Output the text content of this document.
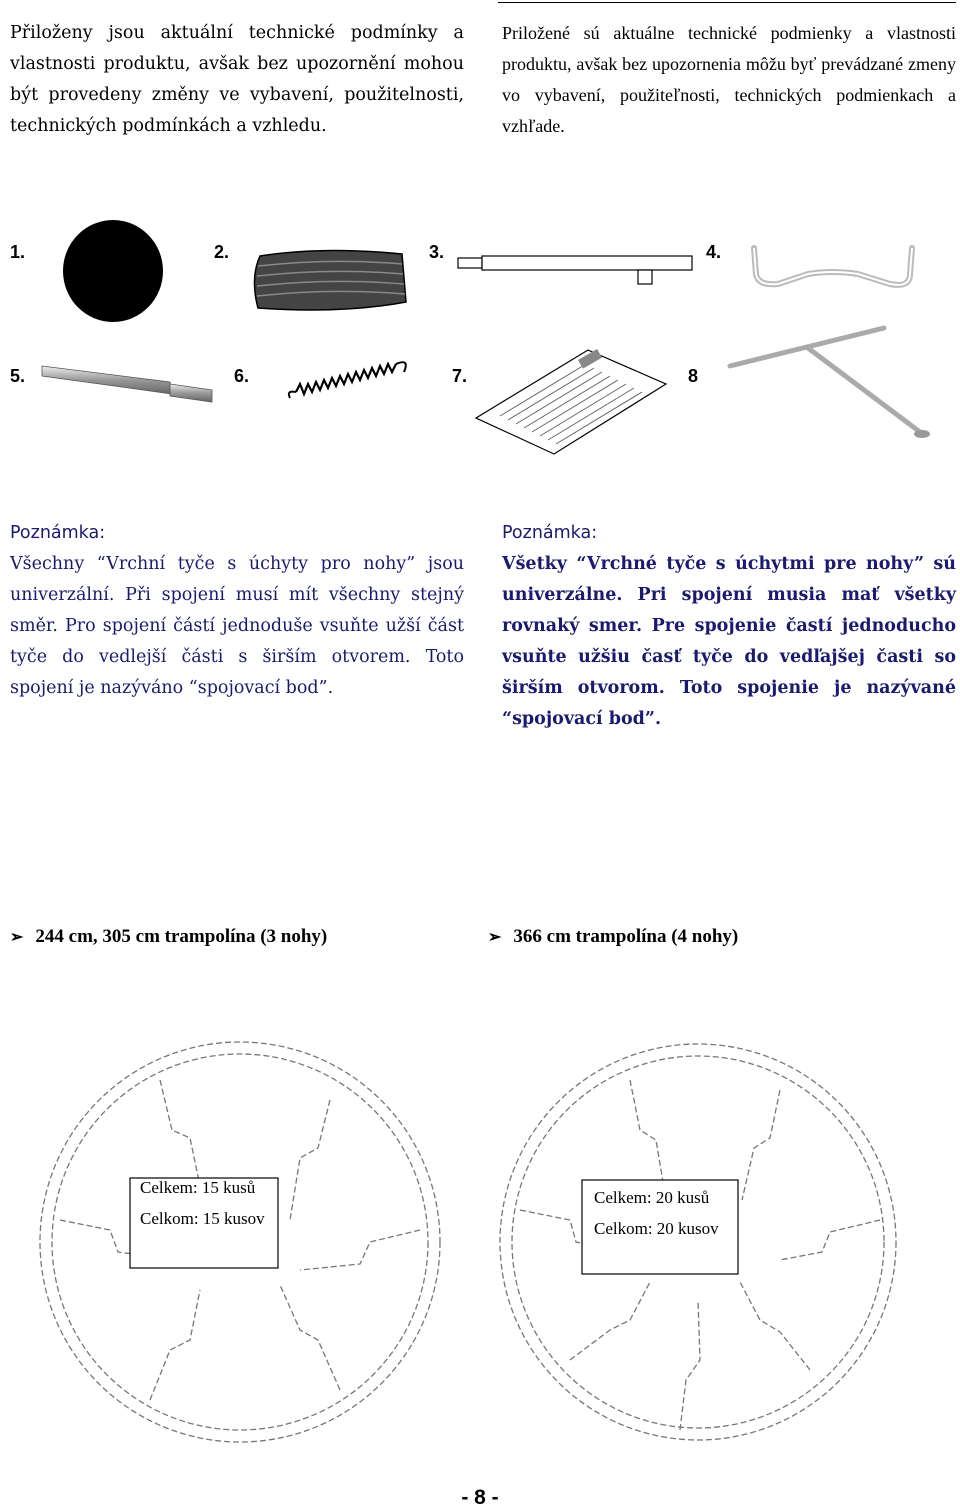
Přiloženy jsou aktuální technické podmínky a vlastnosti produktu, avšak bez upozornění mohou být provedeny změny ve vybavení, použitelnosti, technických podmínkách a vzhledu.
Priložené sú aktuálne technické podmienky a vlastnosti produktu, avšak bez upozornenia môžu byť prevádzané zmeny vo vybavení, použiteľnosti, technických podmienkach a vzhľade.
1.	2.	3.	4.
5.	6.	7.	8
Poznámka:
Všechny “Vrchní tyče s úchyty pro nohy” jsou univerzální. Při spojení musí mít všechny stejný směr. Pro spojení částí jednoduše vsuňte užší část tyče do vedlejší části s širším otvorem. Toto spojení je nazýváno “spojovací bod”.
Poznámka:
Všetky “Vrchné tyče s úchytmi pre nohy” sú univerzálne. Pri spojení musia mať všetky rovnaký smer. Pre spojenie častí jednoducho vsuňte užšiu časť tyče do vedľajšej časti so širším otvorom. Toto spojenie je nazývané “spojovací bod”.
➢ 244 cm, 305 cm trampolína (3 nohy)	➢ 366 cm trampolína (4 nohy)
Celkem: 15 kusů
Celkom: 15 kusov
Celkem: 20 kusů
Celkom: 20 kusov
- 8 -
